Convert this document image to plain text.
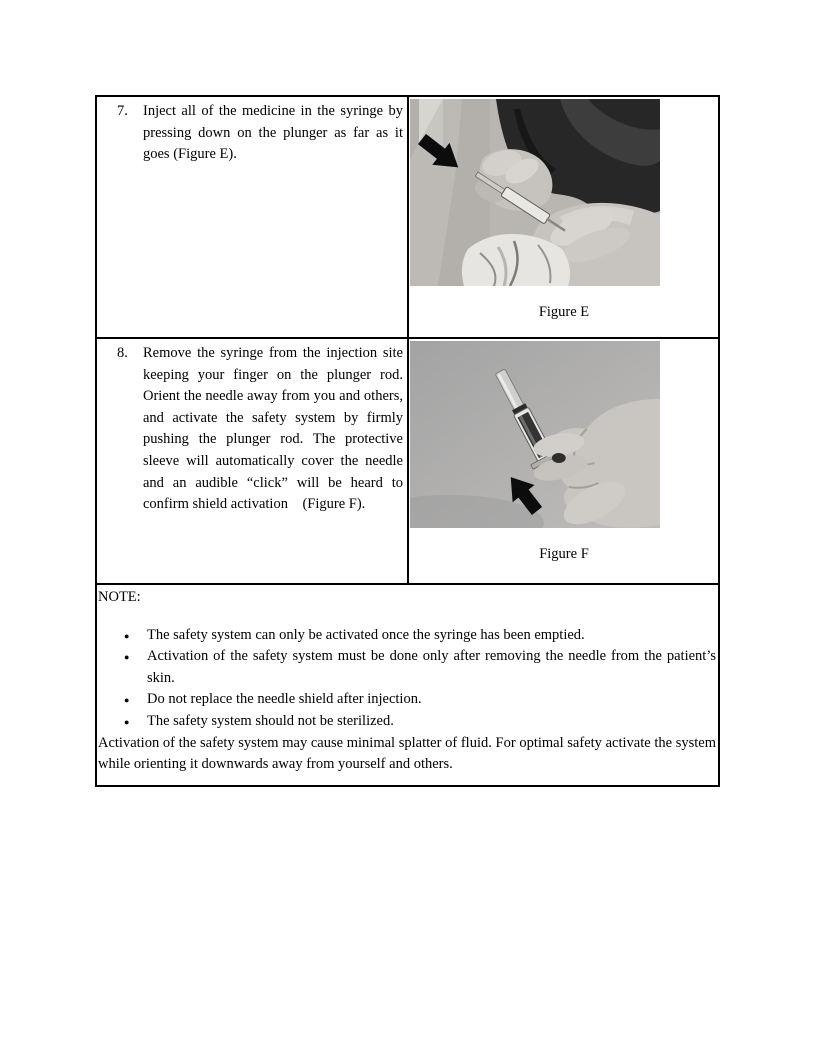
7. Inject all of the medicine in the syringe by pressing down on the plunger as far as it goes (Figure E).
Figure E
8. Remove the syringe from the injection site keeping your finger on the plunger rod. Orient the needle away from you and others, and activate the safety system by firmly pushing the plunger rod. The protective sleeve will automatically cover the needle and an audible “click” will be heard to confirm shield activation    (Figure F).
Figure F
NOTE:
● The safety system can only be activated once the syringe has been emptied.
● Activation of the safety system must be done only after removing the needle from the patient’s skin.
● Do not replace the needle shield after injection.
● The safety system should not be sterilized.
Activation of the safety system may cause minimal splatter of fluid. For optimal safety activate the system while orienting it downwards away from yourself and others.
